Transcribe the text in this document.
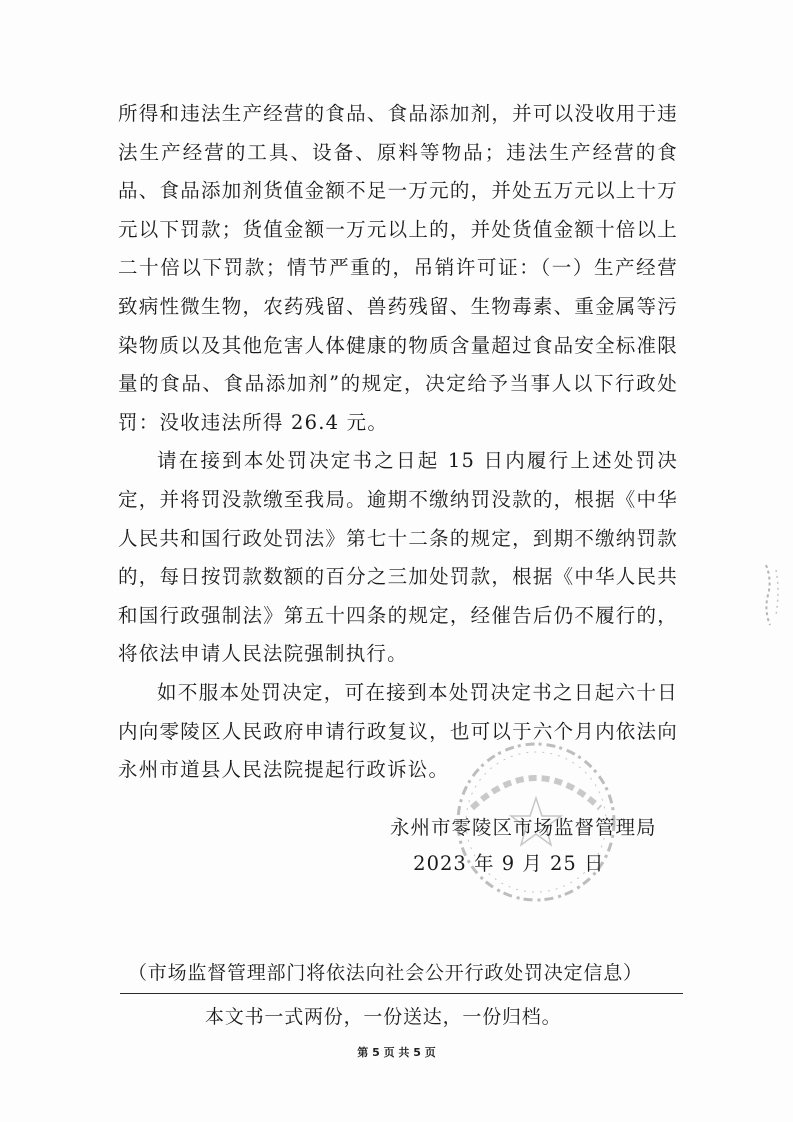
所得和违法生产经营的食品、食品添加剂，并可以没收用于违法生产经营的工具、设备、原料等物品；违法生产经营的食品、食品添加剂货值金额不足一万元的，并处五万元以上十万元以下罚款；货值金额一万元以上的，并处货值金额十倍以上二十倍以下罚款；情节严重的，吊销许可证：（一）生产经营致病性微生物，农药残留、兽药残留、生物毒素、重金属等污染物质以及其他危害人体健康的物质含量超过食品安全标准限量的食品、食品添加剂”的规定，决定给予当事人以下行政处罚：没收违法所得 26.4 元。

请在接到本处罚决定书之日起 15 日内履行上述处罚决定，并将罚没款缴至我局。逾期不缴纳罚没款的，根据《中华人民共和国行政处罚法》第七十二条的规定，到期不缴纳罚款的，每日按罚款数额的百分之三加处罚款，根据《中华人民共和国行政强制法》第五十四条的规定，经催告后仍不履行的，将依法申请人民法院强制执行。

如不服本处罚决定，可在接到本处罚决定书之日起六十日内向零陵区人民政府申请行政复议，也可以于六个月内依法向永州市道县人民法院提起行政诉讼。

永州市零陵区市场监督管理局
2023 年 9 月 25 日
（市场监督管理部门将依法向社会公开行政处罚决定信息）
本文书一式两份，一份送达，一份归档。
第 5 页 共 5 页
